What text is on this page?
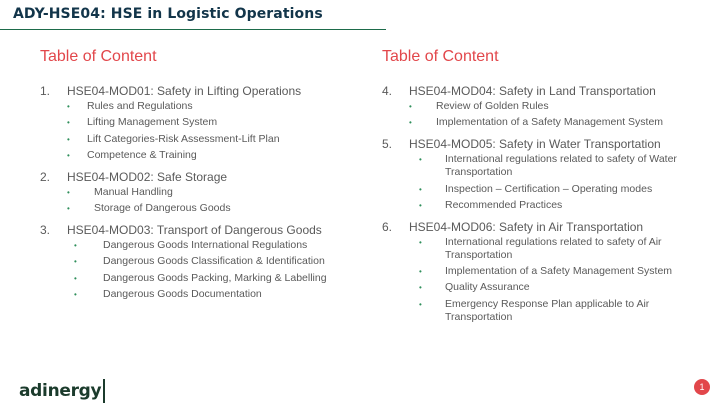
ADY-HSE04: HSE in Logistic Operations
Table of Content
1. HSE04-MOD01: Safety in Lifting Operations
• Rules and Regulations
• Lifting Management System
• Lift Categories-Risk Assessment-Lift Plan
• Competence & Training
2. HSE04-MOD02: Safe Storage
• Manual Handling
• Storage of Dangerous Goods
3. HSE04-MOD03: Transport of Dangerous Goods
• Dangerous Goods International Regulations
• Dangerous Goods Classification & Identification
• Dangerous Goods Packing, Marking & Labelling
• Dangerous Goods Documentation
Table of Content
4. HSE04-MOD04: Safety in Land Transportation
• Review of Golden Rules
• Implementation of a Safety Management System
5. HSE04-MOD05: Safety in Water Transportation
• International regulations related to safety of Water Transportation
• Inspection – Certification – Operating modes
• Recommended Practices
6. HSE04-MOD06: Safety in Air Transportation
• International regulations related to safety of Air Transportation
• Implementation of a Safety Management System
• Quality Assurance
• Emergency Response Plan applicable to Air Transportation
adinergy	1
